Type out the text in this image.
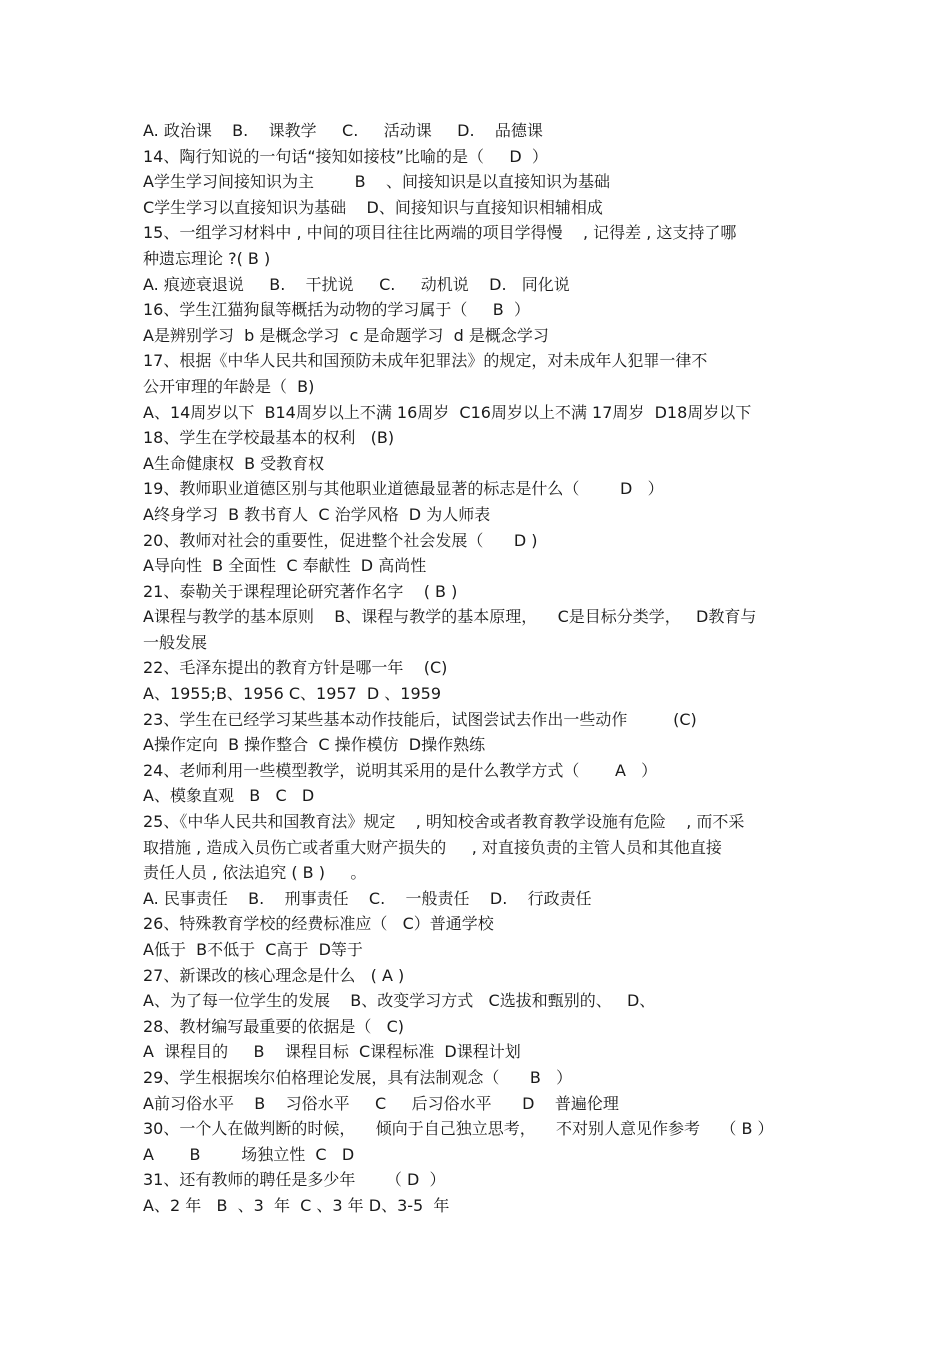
A. 政治课    B.    课教学     C.     活动课     D.    品德课
14、陶行知说的一句话“接知如接枝”比喻的是（     D  ）
A学生学习间接知识为主        B    、间接知识是以直接知识为基础
C学生学习以直接知识为基础    D、间接知识与直接知识相辅相成
15、一组学习材料中 , 中间的项目往往比两端的项目学得慢    , 记得差 , 这支持了哪
种遗忘理论 ?( B )
A. 痕迹衰退说     B.    干扰说     C.     动机说    D.   同化说
16、学生江猫狗鼠等概括为动物的学习属于（     B  ）
A是辨别学习  b 是概念学习  c 是命题学习  d 是概念学习
17、根据《中华人民共和国预防未成年犯罪法》的规定，对未成年人犯罪一律不
公开审理的年龄是（  B)
A、14周岁以下  B14周岁以上不满 16周岁  C16周岁以上不满 17周岁  D18周岁以下
18、学生在学校最基本的权利   (B)
A生命健康权  B 受教育权
19、教师职业道德区别与其他职业道德最显著的标志是什么（        D   ）
A终身学习  B 教书育人  C 治学风格  D 为人师表
20、教师对社会的重要性，促进整个社会发展（      D )
A导向性  B 全面性  C 奉献性  D 高尚性
21、泰勒关于课程理论研究著作名字    ( B )
A课程与教学的基本原则    B、课程与教学的基本原理，    C是目标分类学，   D教育与
一般发展
22、毛泽东提出的教育方针是哪一年    (C)
A、1955;B、1956 C、1957  D 、1959
23、学生在已经学习某些基本动作技能后，试图尝试去作出一些动作         (C)
A操作定向  B 操作整合  C 操作模仿  D操作熟练
24、老师利用一些模型教学，说明其采用的是什么教学方式（       A   ）
A、模象直观   B   C   D
25、《中华人民共和国教育法》规定    , 明知校舍或者教育教学设施有危险    , 而不采
取措施 , 造成入员伤亡或者重大财产损失的     , 对直接负责的主管人员和其他直接
责任人员 , 依法追究 ( B )     。
A. 民事责任    B.    刑事责任    C.    一般责任    D.    行政责任
26、特殊教育学校的经费标准应（   C）普通学校
A低于  B不低于  C高于  D等于
27、新课改的核心理念是什么   ( A )
A、为了每一位学生的发展    B、改变学习方式   C选拔和甄别的、   D、
28、教材编写最重要的依据是（   C)
A  课程目的     B    课程目标  C课程标准  D课程计划
29、学生根据埃尔伯格理论发展，具有法制观念（      B   ）
A前习俗水平    B    习俗水平     C     后习俗水平      D    普遍伦理
30、一个人在做判断的时候，    倾向于自己独立思考，    不对别人意见作参考    （ B ）
A       B        场独立性  C   D
31、还有教师的聘任是多少年      （ D  ）
A、2 年   B  、3  年  C 、3 年 D、3-5  年
